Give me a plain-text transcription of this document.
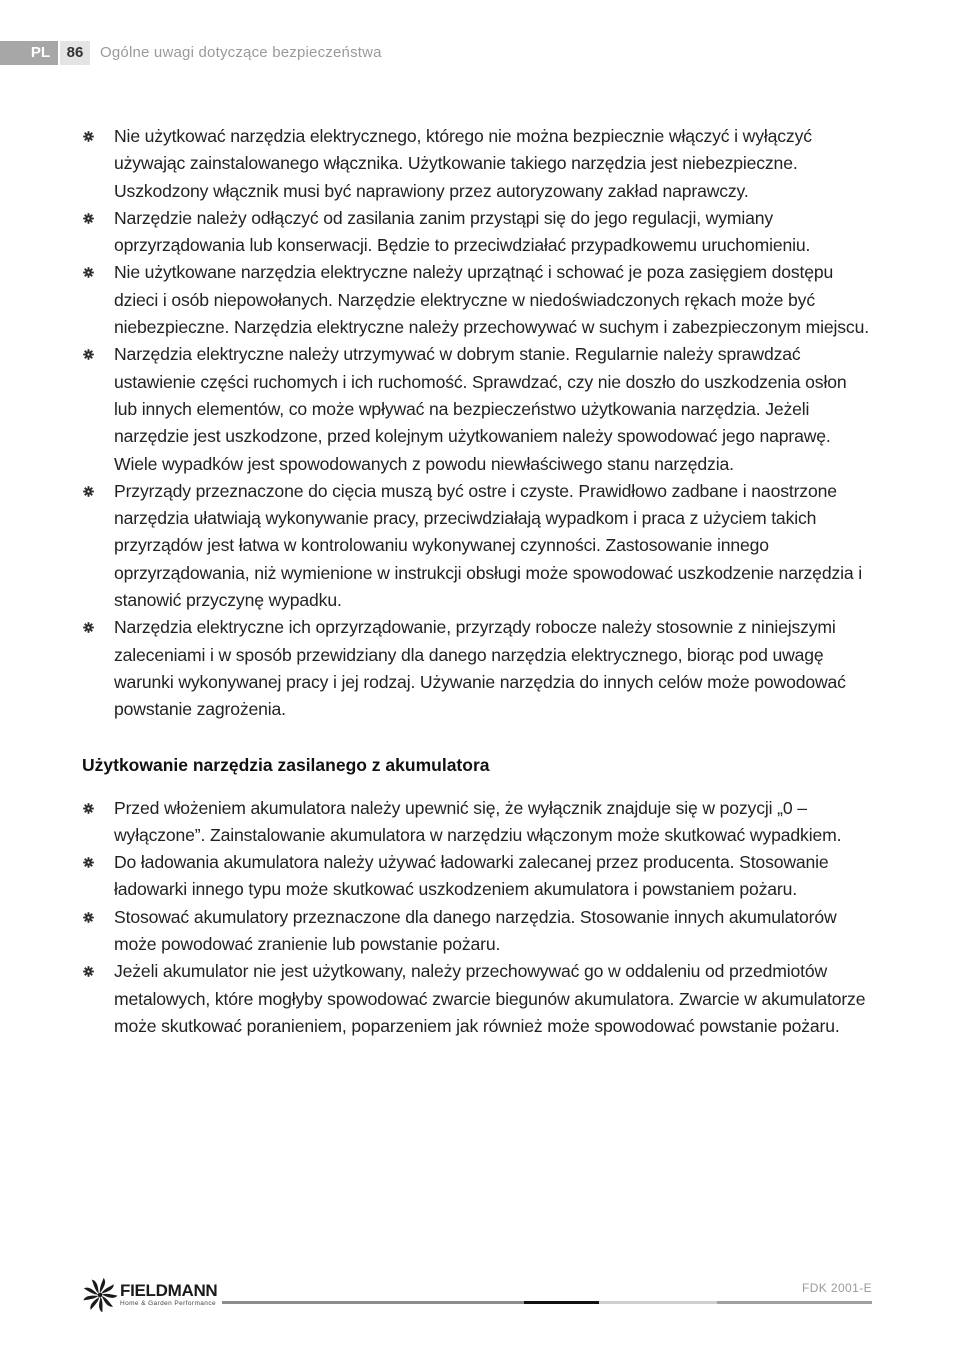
PL	86	Ogólne uwagi dotyczące bezpieczeństwa
Nie użytkować narzędzia elektrycznego, którego nie można bezpiecznie włączyć i wyłączyć używając zainstalowanego włącznika. Użytkowanie takiego narzędzia jest niebezpieczne. Uszkodzony włącznik musi być naprawiony przez autoryzowany zakład naprawczy.
Narzędzie należy odłączyć od zasilania zanim przystąpi się do jego regulacji, wymiany oprzyrządowania lub konserwacji. Będzie to przeciwdziałać przypadkowemu uruchomieniu.
Nie użytkowane narzędzia elektryczne należy uprzątnąć i schować je poza zasięgiem dostępu dzieci i osób niepowołanych. Narzędzie elektryczne w niedoświadczonych rękach może być niebezpieczne. Narzędzia elektryczne należy przechowywać w suchym i zabezpieczonym miejscu.
Narzędzia elektryczne należy utrzymywać w dobrym stanie. Regularnie należy sprawdzać ustawienie części ruchomych i ich ruchomość. Sprawdzać, czy nie doszło do uszkodzenia osłon lub innych elementów, co może wpływać na bezpieczeństwo użytkowania narzędzia. Jeżeli narzędzie jest uszkodzone, przed kolejnym użytkowaniem należy spowodować jego naprawę. Wiele wypadków jest spowodowanych z powodu niewłaściwego stanu narzędzia.
Przyrządy przeznaczone do cięcia muszą być ostre i czyste. Prawidłowo zadbane i naostrzone narzędzia ułatwiają wykonywanie pracy, przeciwdziałają wypadkom i praca z użyciem takich przyrządów jest łatwa w kontrolowaniu wykonywanej czynności. Zastosowanie innego oprzyrządowania, niż wymienione w instrukcji obsługi może spowodować uszkodzenie narzędzia i stanowić przyczynę wypadku.
Narzędzia elektryczne ich oprzyrządowanie, przyrządy robocze należy stosownie z niniejszymi zaleceniami i w sposób przewidziany dla danego narzędzia elektrycznego, biorąc pod uwagę warunki wykonywanej pracy i jej rodzaj. Używanie narzędzia do innych celów może powodować powstanie zagrożenia.
Użytkowanie narzędzia zasilanego z akumulatora
Przed włożeniem akumulatora należy upewnić się, że wyłącznik znajduje się w pozycji „0 – wyłączone”. Zainstalowanie akumulatora w narzędziu włączonym może skutkować wypadkiem.
Do ładowania akumulatora należy używać ładowarki zalecanej przez producenta. Stosowanie ładowarki innego typu może skutkować uszkodzeniem akumulatora i powstaniem pożaru.
Stosować akumulatory przeznaczone dla danego narzędzia. Stosowanie innych akumulatorów może powodować zranienie lub powstanie pożaru.
Jeżeli akumulator nie jest użytkowany, należy przechowywać go w oddaleniu od przedmiotów metalowych, które mogłyby spowodować zwarcie biegunów akumulatora. Zwarcie w akumulatorze może skutkować poranieniem, poparzeniem jak również może spowodować powstanie pożaru.
FIELDMANN
Home & Garden Performance
FDK 2001-E
